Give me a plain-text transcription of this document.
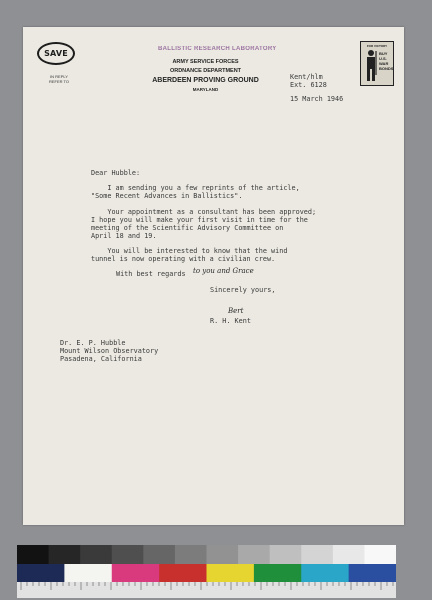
SAVE
IN REPLY
REFER TO
BALLISTIC RESEARCH LABORATORY
ARMY SERVICE FORCES
ORDNANCE DEPARTMENT
ABERDEEN PROVING GROUND
MARYLAND
FOR VICTORY
BUY
U.S.
WAR
BONDS
Kent/hlm
Ext. 6128
15 March 1946
Dear Hubble:
I am sending you a few reprints of the article,
"Some Recent Advances in Ballistics".
Your appointment as a consultant has been approved;
I hope you will make your first visit in time for the
meeting of the Scientific Advisory Committee on
April 18 and 19.
You will be interested to know that the wind
tunnel is now operating with a civilian crew.
With best regards to you and Grace
Sincerely yours,
Bert
R. H. Kent
Dr. E. P. Hubble
Mount Wilson Observatory
Pasadena, California
